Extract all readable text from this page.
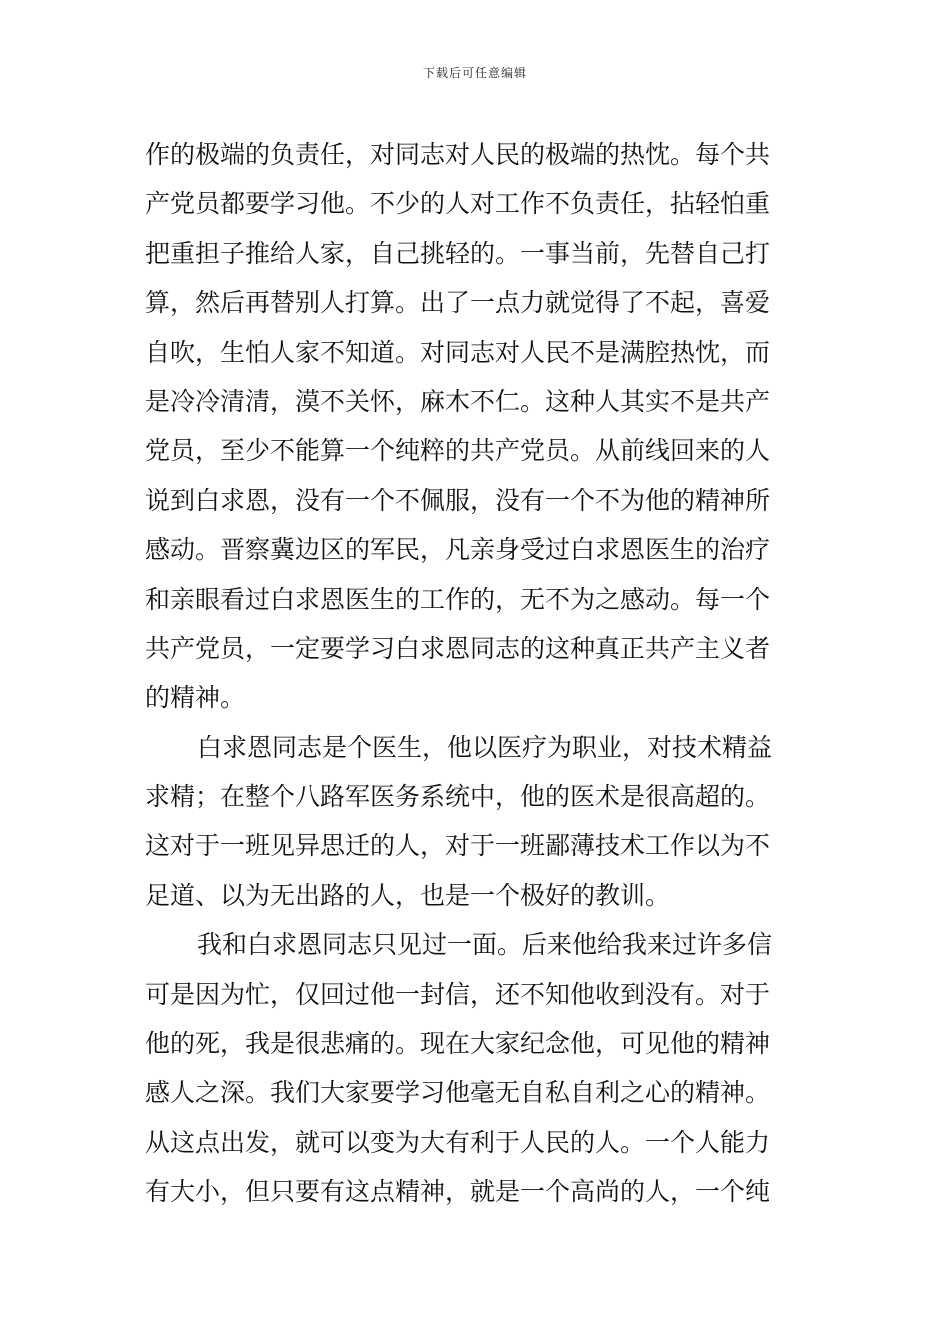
下载后可任意编辑
作的极端的负责任，对同志对人民的极端的热忱。每个共
产党员都要学习他。不少的人对工作不负责任，拈轻怕重
把重担子推给人家，自己挑轻的。一事当前，先替自己打
算，然后再替别人打算。出了一点力就觉得了不起，喜爱
自吹，生怕人家不知道。对同志对人民不是满腔热忱，而
是冷冷清清，漠不关怀，麻木不仁。这种人其实不是共产
党员，至少不能算一个纯粹的共产党员。从前线回来的人
说到白求恩，没有一个不佩服，没有一个不为他的精神所
感动。晋察冀边区的军民，凡亲身受过白求恩医生的治疗
和亲眼看过白求恩医生的工作的，无不为之感动。每一个
共产党员，一定要学习白求恩同志的这种真正共产主义者
的精神。
白求恩同志是个医生，他以医疗为职业，对技术精益
求精；在整个八路军医务系统中，他的医术是很高超的。
这对于一班见异思迁的人，对于一班鄙薄技术工作以为不
足道、以为无出路的人，也是一个极好的教训。
我和白求恩同志只见过一面。后来他给我来过许多信
可是因为忙，仅回过他一封信，还不知他收到没有。对于
他的死，我是很悲痛的。现在大家纪念他，可见他的精神
感人之深。我们大家要学习他毫无自私自利之心的精神。
从这点出发，就可以变为大有利于人民的人。一个人能力
有大小，但只要有这点精神，就是一个高尚的人，一个纯
